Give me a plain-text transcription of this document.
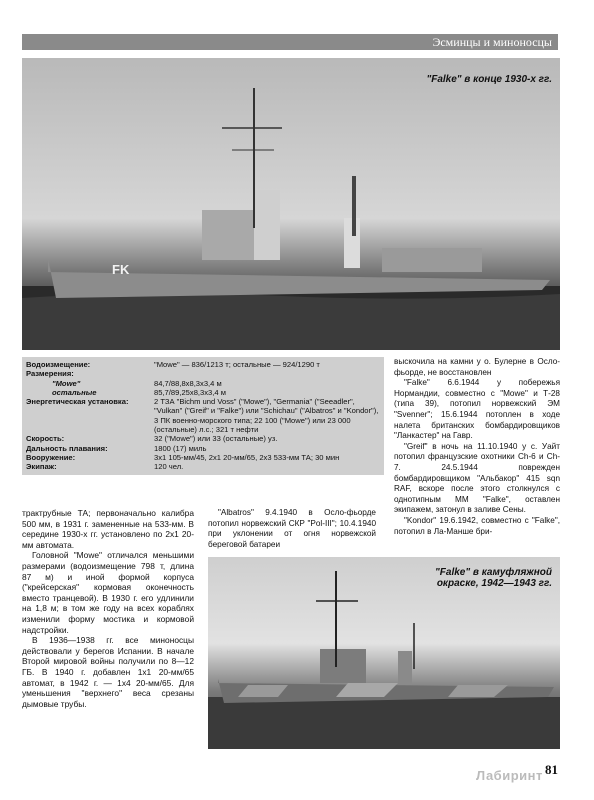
Эсминцы и миноносцы
FK
"Falke" в конце 1930-х гг.
Водоизмещение:	"Mowe" — 836/1213 т; остальные — 924/1290 т
Размерения:
"Mowe"	84,7/88,8х8,3х3,4 м
остальные	85,7/89,25х8,3х3,4 м
Энергетическая установка:	2 ТЗА "Bichm und Voss" ("Mowe"), "Germania" ("Seeadler", "Vulkan" ("Greif" и "Falke") или "Schichau" ("Albatros" и "Kondor"), 3 ПК военно-морского типа; 22 100 ("Mowe") или 23 000 (остальные) л.с.; 321 т нефти
Скорость:	32 ("Mowe") или 33 (остальные) уз.
Дальность плавания:	1800 (17) миль
Вооружение:	3х1 105-мм/45, 2х1 20-мм/65, 2х3 533-мм ТА; 30 мин
Экипаж:	120 чел.

выскочила на камни у о. Булерне в Осло-фьорде, не восстановлен

"Falke" 6.6.1944 у побережья Нормандии, совместно с "Mowe" и Т-28 (типа 39), потопил норвежский ЭМ "Svenner"; 15.6.1944 потоплен в ходе налета британских бомбардировщиков "Ланкастер" на Гавр.

"Greif" в ночь на 11.10.1940 у с. Уайт потопил французские охотники Ch-6 и Ch-7. 24.5.1944 поврежден бомбардировщиком "Альбакор" 415 sqn RAF, вскоре после этого столкнулся с однотипным ММ "Falke", оставлен экипажем, затонул в заливе Сены.

"Kondor" 19.6.1942, совместно с "Falke", потопил в Ла-Манше бри-

трактрубные ТА; первоначально калибра 500 мм, в 1931 г. замененные на 533-мм. В середине 1930-х гг. установлено по 2х1 20-мм автомата.

Головной "Mowe" отличался меньшими размерами (водоизмещение 798 т, длина 87 м) и иной формой корпуса ("крейсерская" кормовая оконечность вместо транцевой). В 1930 г. его удлинили на 1,8 м; в том же году на всех кораблях изменили форму мостика и кормовой надстройки.

В 1936—1938 гг. все миноносцы действовали у берегов Испании. В начале Второй мировой войны получили по 8—12 ГБ. В 1940 г. добавлен 1х1 20-мм/65 автомат, в 1942 г. — 1х4 20-мм/65. Для уменьшения "верхнего" веса срезаны дымовые трубы.

"Albatros" 9.4.1940 в Осло-фьорде потопил норвежский СКР "Pol-III"; 10.4.1940 при уклонении от огня норвежской береговой батареи

"Falke" в камуфляжной окраске, 1942—1943 гг.
Лабиринт 81
